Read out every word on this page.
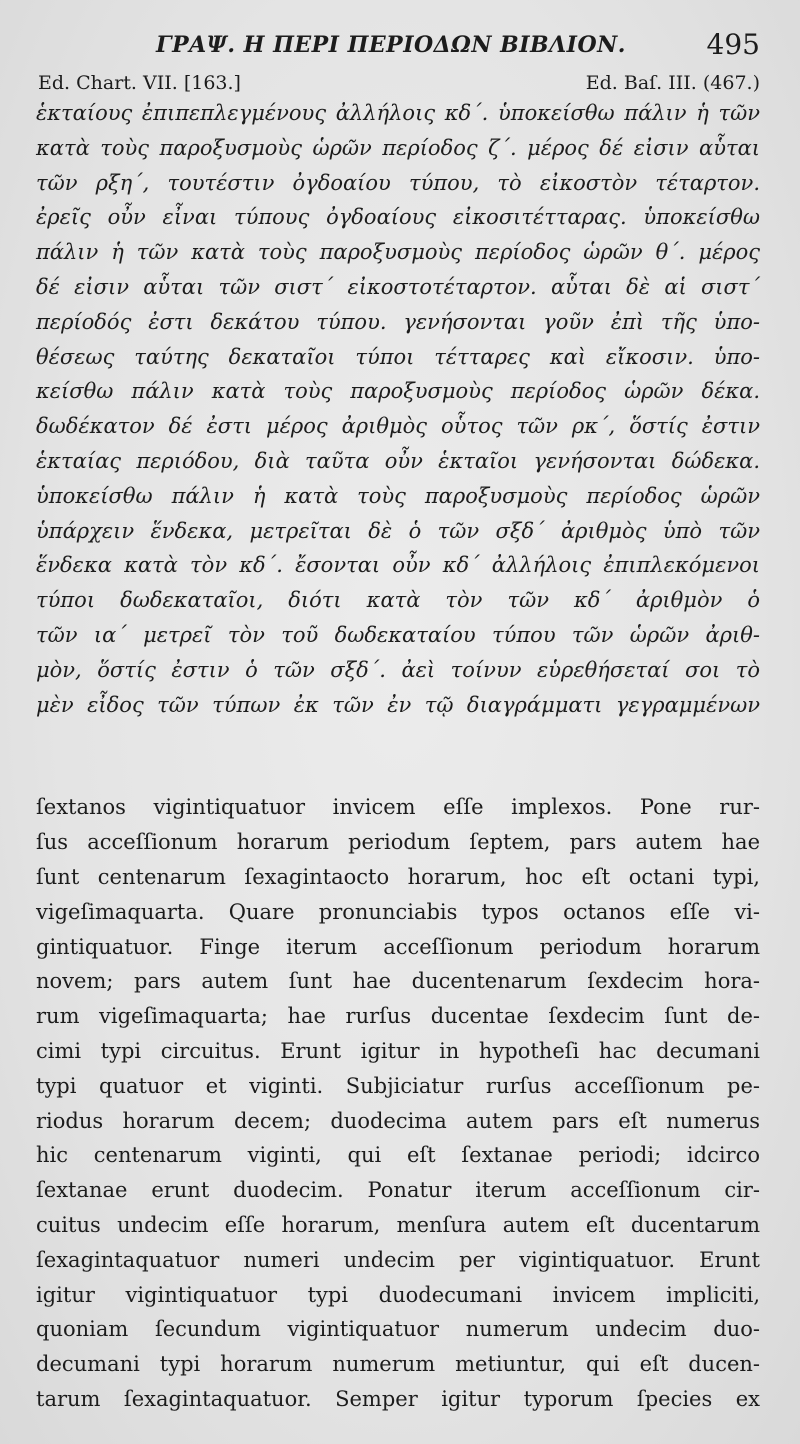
ΓΡΑΨ. Η ΠΕΡΙ ΠΕΡΙΟΔΩΝ ΒΙΒΛΙΟΝ.	495
Ed. Chart. VII. [163.]	Ed. Baſ. III. (467.)
ἑκταίους ἐπιπεπλεγμένους ἀλλήλοις κδ΄. ὑποκείσθω πάλιν ἡ τῶν
κατὰ τοὺς παροξυσμοὺς ὡρῶν περίοδος ζ΄. μέρος δέ εἰσιν αὗται
τῶν ρξη΄, τουτέστιν ὀγδοαίου τύπου, τὸ εἰκοστὸν τέταρτον.
ἐρεῖς οὖν εἶναι τύπους ὀγδοαίους εἰκοσιτέτταρας. ὑποκείσθω
πάλιν ἡ τῶν κατὰ τοὺς παροξυσμοὺς περίοδος ὡρῶν θ΄. μέρος
δέ εἰσιν αὗται τῶν σιστ΄ εἰκοστοτέταρτον. αὗται δὲ αἱ σιστ΄
περίοδός ἐστι δεκάτου τύπου. γενήσονται γοῦν ἐπὶ τῆς ὑπο-
θέσεως ταύτης δεκαταῖοι τύποι τέτταρες καὶ εἴκοσιν. ὑπο-
κείσθω πάλιν κατὰ τοὺς παροξυσμοὺς περίοδος ὡρῶν δέκα.
δωδέκατον δέ ἐστι μέρος ἀριθμὸς οὗτος τῶν ρκ΄, ὅστίς ἐστιν
ἑκταίας περιόδου, διὰ ταῦτα οὖν ἑκταῖοι γενήσονται δώδεκα.
ὑποκείσθω πάλιν ἡ κατὰ τοὺς παροξυσμοὺς περίοδος ὡρῶν
ὑπάρχειν ἕνδεκα, μετρεῖται δὲ ὁ τῶν σξδ΄ ἀριθμὸς ὑπὸ τῶν
ἕνδεκα κατὰ τὸν κδ΄. ἔσονται οὖν κδ΄ ἀλλήλοις ἐπιπλεκόμενοι
τύποι δωδεκαταῖοι, διότι κατὰ τὸν τῶν κδ΄ ἀριθμὸν ὁ
τῶν ια΄ μετρεῖ τὸν τοῦ δωδεκαταίου τύπου τῶν ὡρῶν ἀριθ-
μὸν, ὅστίς ἐστιν ὁ τῶν σξδ΄. ἀεὶ τοίνυν εὑρεθήσεταί σοι τὸ
μὲν εἶδος τῶν τύπων ἐκ τῶν ἐν τῷ διαγράμματι γεγραμμένων
ſextanos vigintiquatuor invicem eſſe implexos. Pone rur-
ſus acceſſionum horarum periodum ſeptem, pars autem hae
ſunt centenarum ſexagintaocto horarum, hoc eſt octani typi,
vigeſimaquarta. Quare pronunciabis typos octanos eſſe vi-
gintiquatuor. Finge iterum acceſſionum periodum horarum
novem; pars autem ſunt hae ducentenarum ſexdecim hora-
rum vigeſimaquarta; hae rurſus ducentae ſexdecim ſunt de-
cimi typi circuitus. Erunt igitur in hypotheſi hac decumani
typi quatuor et viginti. Subjiciatur rurſus acceſſionum pe-
riodus horarum decem; duodecima autem pars eſt numerus
hic centenarum viginti, qui eſt ſextanae periodi; idcirco
ſextanae erunt duodecim. Ponatur iterum acceſſionum cir-
cuitus undecim eſſe horarum, menſura autem eſt ducentarum
ſexagintaquatuor numeri undecim per vigintiquatuor. Erunt
igitur vigintiquatuor typi duodecumani invicem impliciti,
quoniam ſecundum vigintiquatuor numerum undecim duo-
decumani typi horarum numerum metiuntur, qui eſt ducen-
tarum ſexagintaquatuor. Semper igitur typorum ſpecies ex
